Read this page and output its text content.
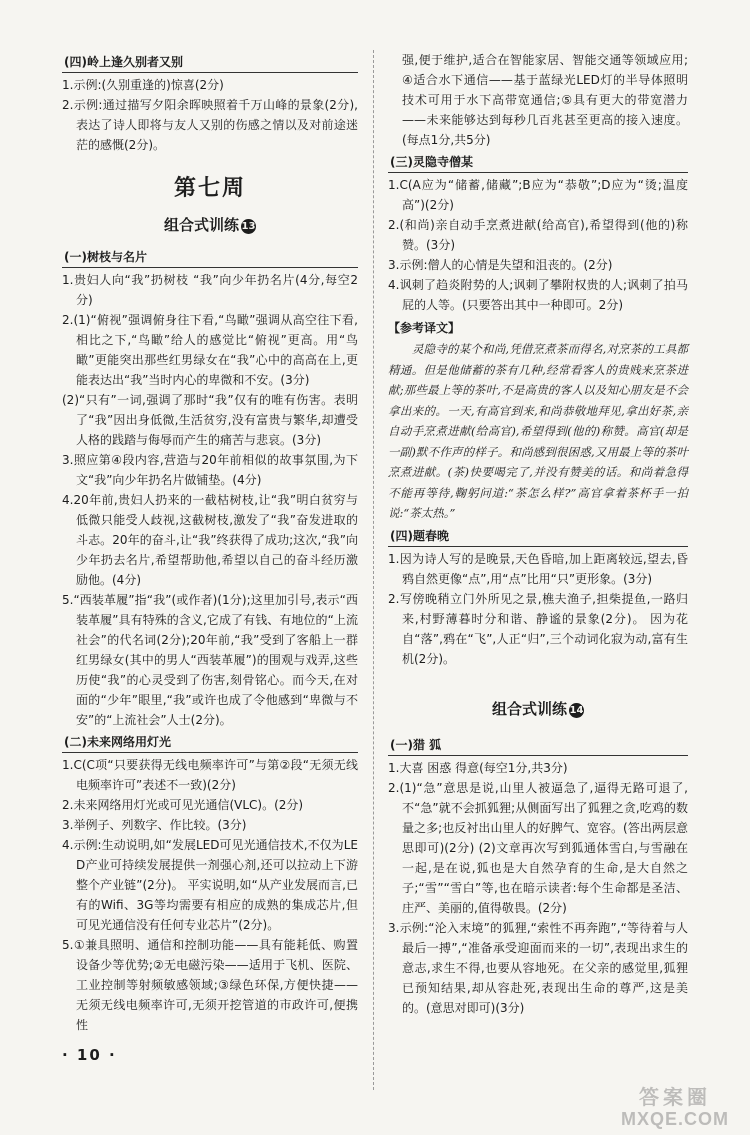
(四)岭上逢久别者又别

1.示例:(久别重逢的)惊喜(2分)

2.示例:通过描写夕阳余晖映照着千万山峰的景象(2分),表达了诗人即将与友人又别的伤感之情以及对前途迷茫的感慨(2分)。

第七周
组合式训练 13
(一)树枝与名片

1.贵妇人向“我”扔树枝 “我”向少年扔名片(4分,每空2分)

2.(1)“俯视”强调俯身往下看,“鸟瞰”强调从高空往下看,相比之下,“鸟瞰”给人的感觉比“俯视”更高。用“鸟瞰”更能突出那些红男绿女在“我”心中的高高在上,更能表达出“我”当时内心的卑微和不安。(3分)

(2)“只有”一词,强调了那时“我”仅有的唯有伤害。表明了“我”因出身低微,生活贫穷,没有富贵与繁华,却遭受人格的践踏与侮辱而产生的痛苦与悲哀。(3分)

3.照应第④段内容,营造与20年前相似的故事氛围,为下文“我”向少年扔名片做铺垫。(4分)

4.20年前,贵妇人扔来的一截枯树枝,让“我”明白贫穷与低微只能受人歧视,这截树枝,激发了“我”奋发进取的斗志。20年的奋斗,让“我”终获得了成功;这次,“我”向少年扔去名片,希望帮助他,希望以自己的奋斗经历激励他。(4分)

5.“西装革履”指“我”(或作者)(1分);这里加引号,表示“西装革履”具有特殊的含义,它成了有钱、有地位的“上流社会”的代名词(2分);20年前,“我”受到了客船上一群红男绿女(其中的男人“西装革履”)的围观与戏弄,这些历使“我”的心灵受到了伤害,刻骨铭心。而今天,在对面的“少年”眼里,“我”或许也成了令他感到“卑微与不安”的“上流社会”人士(2分)。

(二)未来网络用灯光

1.C(C项“只要获得无线电频率许可”与第②段“无须无线电频率许可”表述不一致)(2分)

2.未来网络用灯光或可见光通信(VLC)。(2分)

3.举例子、列数字、作比较。(3分)

4.示例:生动说明,如“发展LED可见光通信技术,不仅为LED产业可持续发展提供一剂强心剂,还可以拉动上下游整个产业链”(2分)。 平实说明,如“从产业发展而言,已有的Wifi、3G等均需要有相应的成熟的集成芯片,但可见光通信没有任何专业芯片”(2分)。

5.①兼具照明、通信和控制功能——具有能耗低、购置设备少等优势;②无电磁污染——适用于飞机、医院、工业控制等射频敏感领域;③绿色环保,方便快捷——无须无线电频率许可,无须开挖管道的市政许可,便携性

强,便于维护,适合在智能家居、智能交通等领域应用;④适合水下通信——基于蓝绿光LED灯的半导体照明技术可用于水下高带宽通信;⑤具有更大的带宽潜力——未来能够达到每秒几百兆甚至更高的接入速度。(每点1分,共5分)

(三)灵隐寺僧某

1.C(A应为“储蓄,储藏”;B应为“恭敬”;D应为“烫;温度高”)(2分)

2.(和尚)亲自动手烹煮进献(给高官),希望得到(他的)称赞。(3分)

3.示例:僧人的心情是失望和沮丧的。(2分)

4.讽刺了趋炎附势的人;讽刺了攀附权贵的人;讽刺了拍马屁的人等。(只要答出其中一种即可。2分)

【参考译文】

灵隐寺的某个和尚,凭借烹煮茶而得名,对烹茶的工具都精通。但是他储蓄的茶有几种,经常看客人的贵贱来烹茶进献;那些最上等的茶叶,不是高贵的客人以及知心朋友是不会拿出来的。一天,有高官到来,和尚恭敬地拜见,拿出好茶,亲自动手烹煮进献(给高官),希望得到(他的)称赞。高官(却是一副)默不作声的样子。和尚感到很困惑,又用最上等的茶叶烹煮进献。(茶)快要喝完了,并没有赞美的话。和尚着急得不能再等待,鞠躬问道:“茶怎么样?”高官拿着茶杯手一拍说:“茶太热。”

(四)题春晚

1.因为诗人写的是晚景,天色昏暗,加上距离较远,望去,昏鸦自然更像“点”,用“点”比用“只”更形象。(3分)

2.写傍晚稍立门外所见之景,樵夫渔子,担柴提鱼,一路归来,村野薄暮时分和谐、静谧的景象(2分)。 因为花自“落”,鸦在“飞”,人正“归”,三个动词化寂为动,富有生机(2分)。

组合式训练 14
(一)猎 狐

1.大喜 困惑 得意(每空1分,共3分)

2.(1)“急”意思是说,山里人被逼急了,逼得无路可退了,不“急”就不会抓狐狸;从侧面写出了狐狸之贪,吃鸡的数量之多;也反衬出山里人的好脾气、宽容。(答出两层意思即可)(2分) (2)文章再次写到狐通体雪白,与雪融在一起,是在说,狐也是大自然孕育的生命,是大自然之子;“雪”“雪白”等,也在暗示读者:每个生命都是圣洁、庄严、美丽的,值得敬畏。(2分)

3.示例:“沦入末境”的狐狸,“索性不再奔跑”,“等待着与人最后一搏”,“准备承受迎面而来的一切”,表现出求生的意志,求生不得,也要从容地死。在父亲的感觉里,狐狸已预知结果,却从容赴死,表现出生命的尊严,这是美的。(意思对即可)(3分)

· 10 ·
答案圈
MXQE.COM
